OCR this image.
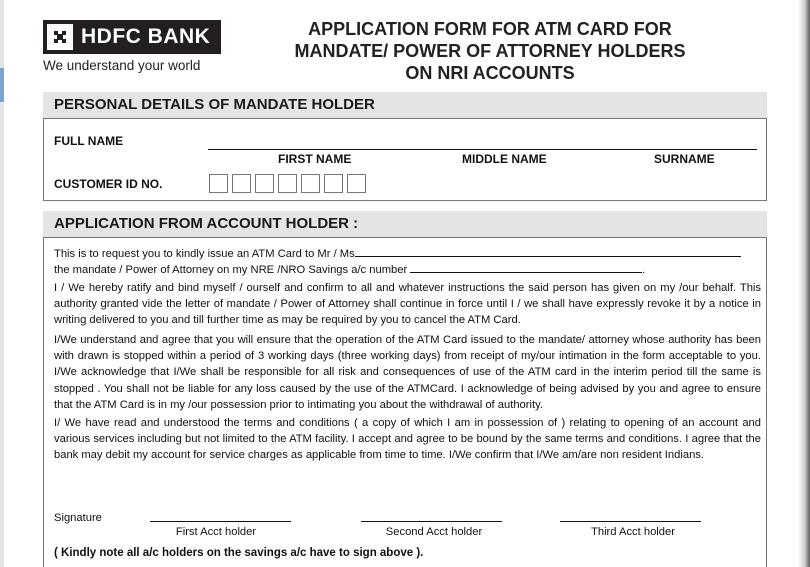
HDFC BANK
We understand your world
APPLICATION FORM FOR ATM CARD FOR
MANDATE/ POWER OF ATTORNEY HOLDERS
ON NRI ACCOUNTS
PERSONAL DETAILS OF MANDATE HOLDER
FULL NAME
FIRST NAME	MIDDLE NAME	SURNAME
CUSTOMER ID NO.
APPLICATION FROM ACCOUNT HOLDER :
This is to request you to kindly issue an ATM Card to Mr / Ms
the mandate / Power of Attorney on my NRE /NRO Savings a/c number	.
I / We hereby ratify and bind myself / ourself and confirm to all and whatever instructions the said person has given on my /our behalf. This authority granted vide the letter of mandate / Power of Attorney shall continue in force until I / we shall have expressly revoke it by a notice in writing delivered to you and till further time as may be required by you to cancel the ATM Card.
I/We understand and agree that you will ensure that the operation of the ATM Card issued to the mandate/ attorney whose authority has been with drawn is stopped within a period of 3 working days (three working days) from receipt of my/our intimation in the form acceptable to you. I/We acknowledge that I/We shall be responsible for all risk and consequences of use of the ATM card in the interim period till the same is stopped . You shall not be liable for any loss caused by the use of the ATMCard. I acknowledge of being advised by you and agree to ensure that the ATM Card is in my /our possession prior to intimating you about the withdrawal of authority.
I/ We have read and understood the terms and conditions ( a copy of which I am in possession of ) relating to opening of an account and various services including but not limited to the ATM facility. I accept and agree to be bound by the same terms and conditions. I agree that the bank may debit my account for service charges as applicable from time to time. I/We confirm that I/We am/are non resident Indians.
Signature
First Acct holder	Second Acct holder	Third Acct holder
( Kindly note all a/c holders on the savings a/c have to sign above ).
